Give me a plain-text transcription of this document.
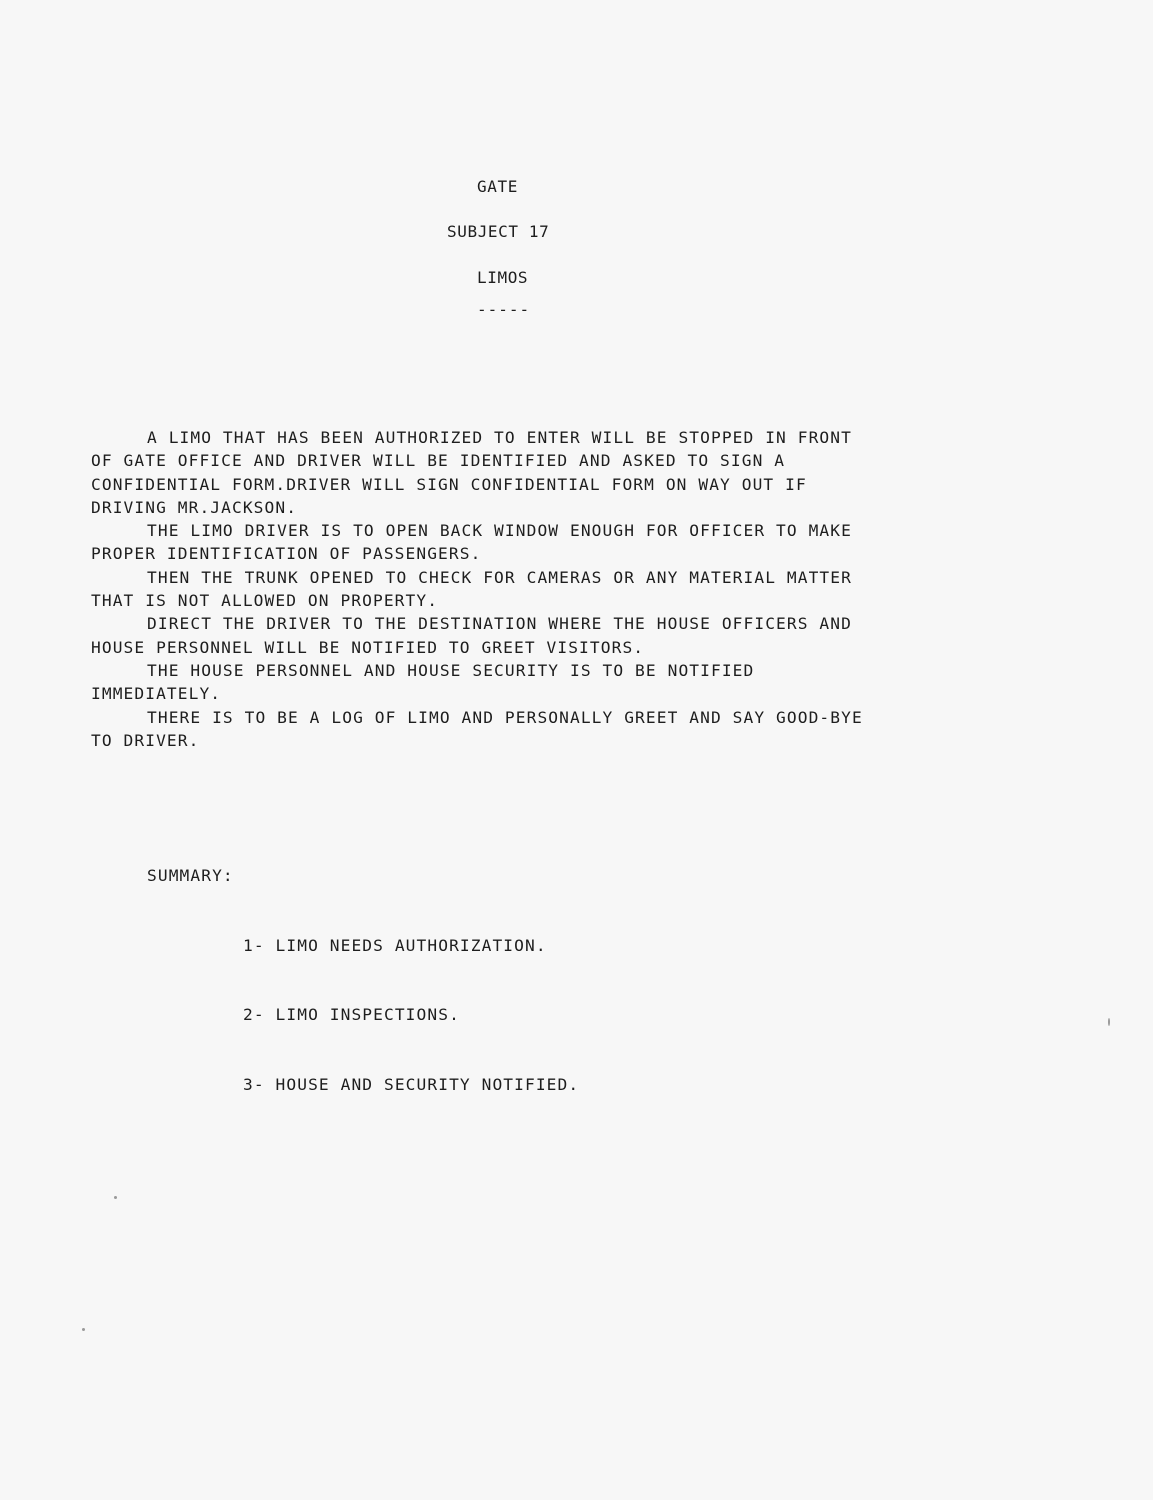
GATE
SUBJECT 17
LIMOS
-----

A LIMO THAT HAS BEEN AUTHORIZED TO ENTER WILL BE STOPPED IN FRONT
OF GATE OFFICE AND DRIVER WILL BE IDENTIFIED AND ASKED TO SIGN A
CONFIDENTIAL FORM.DRIVER WILL SIGN CONFIDENTIAL FORM ON WAY OUT IF
DRIVING MR.JACKSON.

THE LIMO DRIVER IS TO OPEN BACK WINDOW ENOUGH FOR OFFICER TO MAKE
PROPER IDENTIFICATION OF PASSENGERS.

THEN THE TRUNK OPENED TO CHECK FOR CAMERAS OR ANY MATERIAL MATTER
THAT IS NOT ALLOWED ON PROPERTY.

DIRECT THE DRIVER TO THE DESTINATION WHERE THE HOUSE OFFICERS AND
HOUSE PERSONNEL WILL BE NOTIFIED TO GREET VISITORS.

THE HOUSE PERSONNEL AND HOUSE SECURITY IS TO BE NOTIFIED
IMMEDIATELY.

THERE IS TO BE A LOG OF LIMO AND PERSONALLY GREET AND SAY GOOD-BYE
TO DRIVER.

SUMMARY:

1- LIMO NEEDS AUTHORIZATION.

2- LIMO INSPECTIONS.

3- HOUSE AND SECURITY NOTIFIED.
